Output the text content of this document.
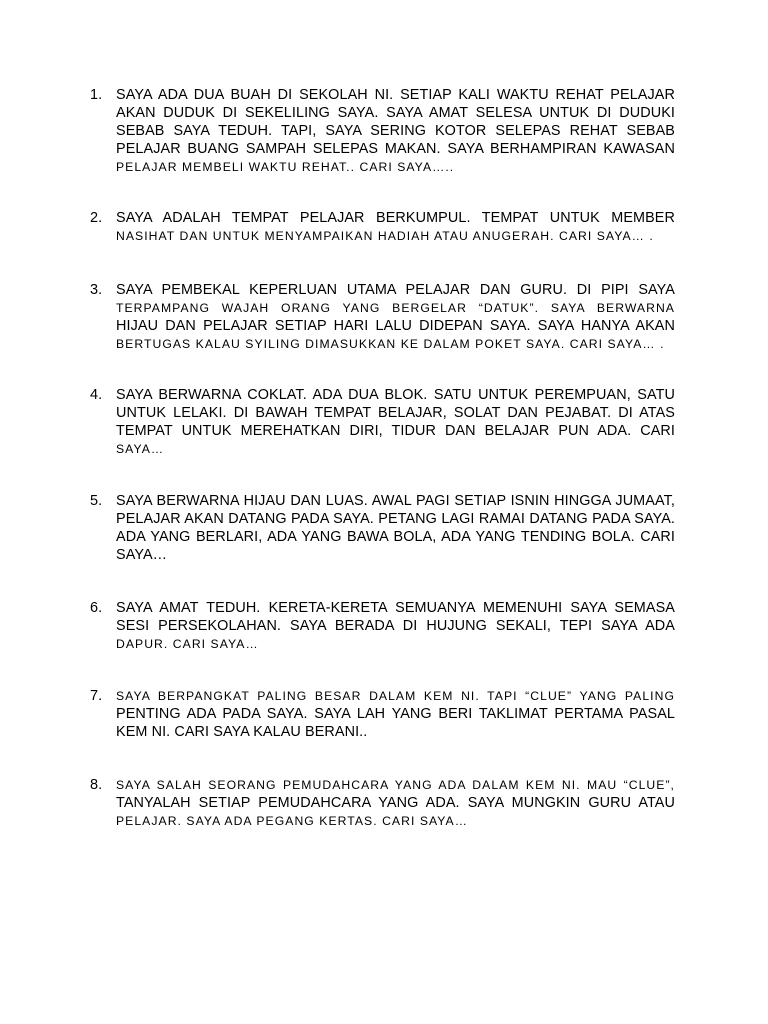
1. SAYA ADA DUA BUAH DI SEKOLAH NI. SETIAP KALI WAKTU REHAT PELAJAR
AKAN DUDUK DI SEKELILING SAYA. SAYA AMAT SELESA UNTUK DI DUDUKI
SEBAB SAYA TEDUH. TAPI, SAYA SERING KOTOR SELEPAS REHAT SEBAB
PELAJAR BUANG SAMPAH SELEPAS MAKAN. SAYA BERHAMPIRAN KAWASAN
PELAJAR MEMBELI WAKTU REHAT.. CARI SAYA…..
2. SAYA ADALAH TEMPAT PELAJAR BERKUMPUL. TEMPAT UNTUK MEMBER
NASIHAT DAN UNTUK MENYAMPAIKAN HADIAH ATAU ANUGERAH. CARI SAYA… .
3. SAYA PEMBEKAL KEPERLUAN UTAMA PELAJAR DAN GURU. DI PIPI SAYA
TERPAMPANG WAJAH ORANG YANG BERGELAR “DATUK”. SAYA BERWARNA
HIJAU DAN PELAJAR SETIAP HARI LALU DIDEPAN SAYA. SAYA HANYA AKAN
BERTUGAS KALAU SYILING DIMASUKKAN KE DALAM POKET SAYA. CARI SAYA… .
4. SAYA BERWARNA COKLAT. ADA DUA BLOK. SATU UNTUK PEREMPUAN, SATU
UNTUK LELAKI. DI BAWAH TEMPAT BELAJAR, SOLAT DAN PEJABAT. DI ATAS
TEMPAT UNTUK MEREHATKAN DIRI, TIDUR DAN BELAJAR PUN ADA. CARI
SAYA…
5. SAYA BERWARNA HIJAU DAN LUAS. AWAL PAGI SETIAP ISNIN HINGGA JUMAAT,
PELAJAR AKAN DATANG PADA SAYA. PETANG LAGI RAMAI DATANG PADA SAYA.
ADA YANG BERLARI, ADA YANG BAWA BOLA, ADA YANG TENDING BOLA. CARI
SAYA…
6. SAYA AMAT TEDUH. KERETA-KERETA SEMUANYA MEMENUHI SAYA SEMASA
SESI PERSEKOLAHAN. SAYA BERADA DI HUJUNG SEKALI, TEPI SAYA ADA
DAPUR. CARI SAYA…
7. SAYA BERPANGKAT PALING BESAR DALAM KEM NI. TAPI “CLUE” YANG PALING
PENTING ADA PADA SAYA. SAYA LAH YANG BERI TAKLIMAT PERTAMA PASAL
KEM NI. CARI SAYA KALAU BERANI..
8. SAYA SALAH SEORANG PEMUDAHCARA YANG ADA DALAM KEM NI. MAU “CLUE”,
TANYALAH SETIAP PEMUDAHCARA YANG ADA. SAYA MUNGKIN GURU ATAU
PELAJAR. SAYA ADA PEGANG KERTAS. CARI SAYA…
